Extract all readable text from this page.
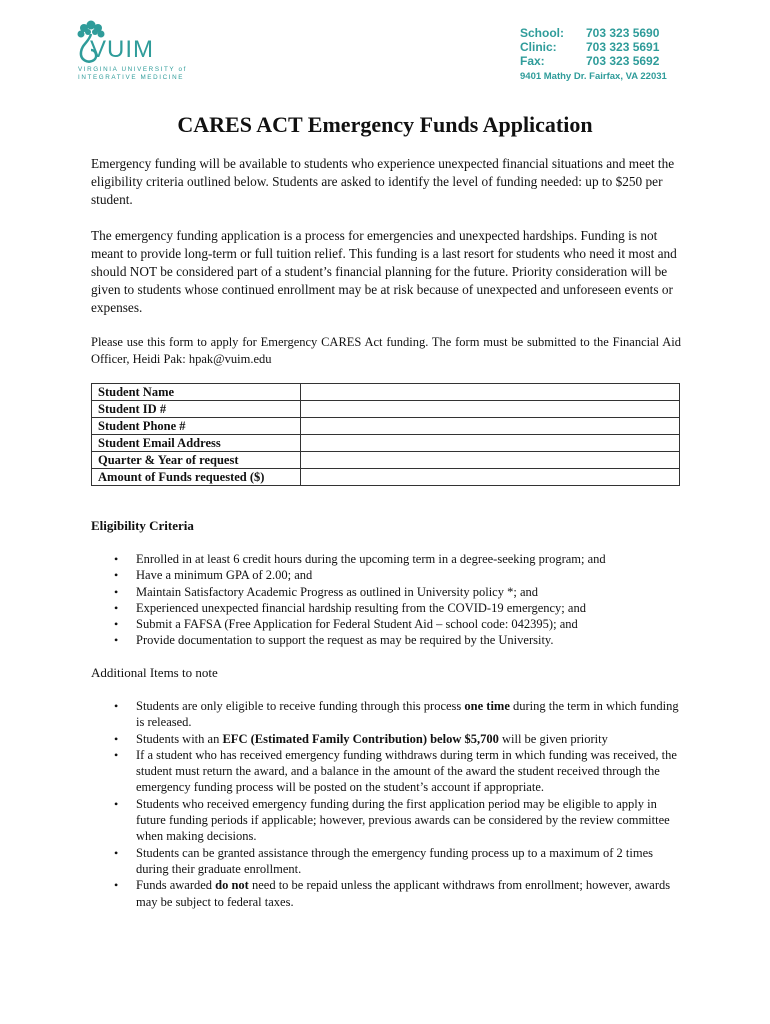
VUIM
VIRGINIA UNIVERSITY of
INTEGRATIVE MEDICINE
School:	703 323 5690
Clinic:	703 323 5691
Fax:	703 323 5692
9401 Mathy Dr. Fairfax, VA 22031
CARES ACT Emergency Funds Application

Emergency funding will be available to students who experience unexpected financial situations and meet the eligibility criteria outlined below. Students are asked to identify the level of funding needed: up to $250 per student.

The emergency funding application is a process for emergencies and unexpected hardships. Funding is not meant to provide long-term or full tuition relief. This funding is a last resort for students who need it most and should NOT be considered part of a student’s financial planning for the future. Priority consideration will be given to students whose continued enrollment may be at risk because of unexpected and unforeseen events or expenses.

Please use this form to apply for Emergency CARES Act funding. The form must be submitted to the Financial Aid Officer, Heidi Pak: hpak@vuim.edu

Student Name	
Student ID #	
Student Phone #	
Student Email Address	
Quarter & Year of request	
Amount of Funds requested ($)	
Eligibility Criteria
• Enrolled in at least 6 credit hours during the upcoming term in a degree-seeking program; and
• Have a minimum GPA of 2.00; and
• Maintain Satisfactory Academic Progress as outlined in University policy *; and
• Experienced unexpected financial hardship resulting from the COVID-19 emergency; and
• Submit a FAFSA (Free Application for Federal Student Aid – school code: 042395); and
• Provide documentation to support the request as may be required by the University.
Additional Items to note
• Students are only eligible to receive funding through this process one time during the term in which funding is released.
• Students with an EFC (Estimated Family Contribution) below $5,700 will be given priority
• If a student who has received emergency funding withdraws during term in which funding was received, the student must return the award, and a balance in the amount of the award the student received through the emergency funding process will be posted on the student’s account if appropriate.
• Students who received emergency funding during the first application period may be eligible to apply in future funding periods if applicable; however, previous awards can be considered by the review committee when making decisions.
• Students can be granted assistance through the emergency funding process up to a maximum of 2 times during their graduate enrollment.
• Funds awarded do not need to be repaid unless the applicant withdraws from enrollment; however, awards may be subject to federal taxes.
